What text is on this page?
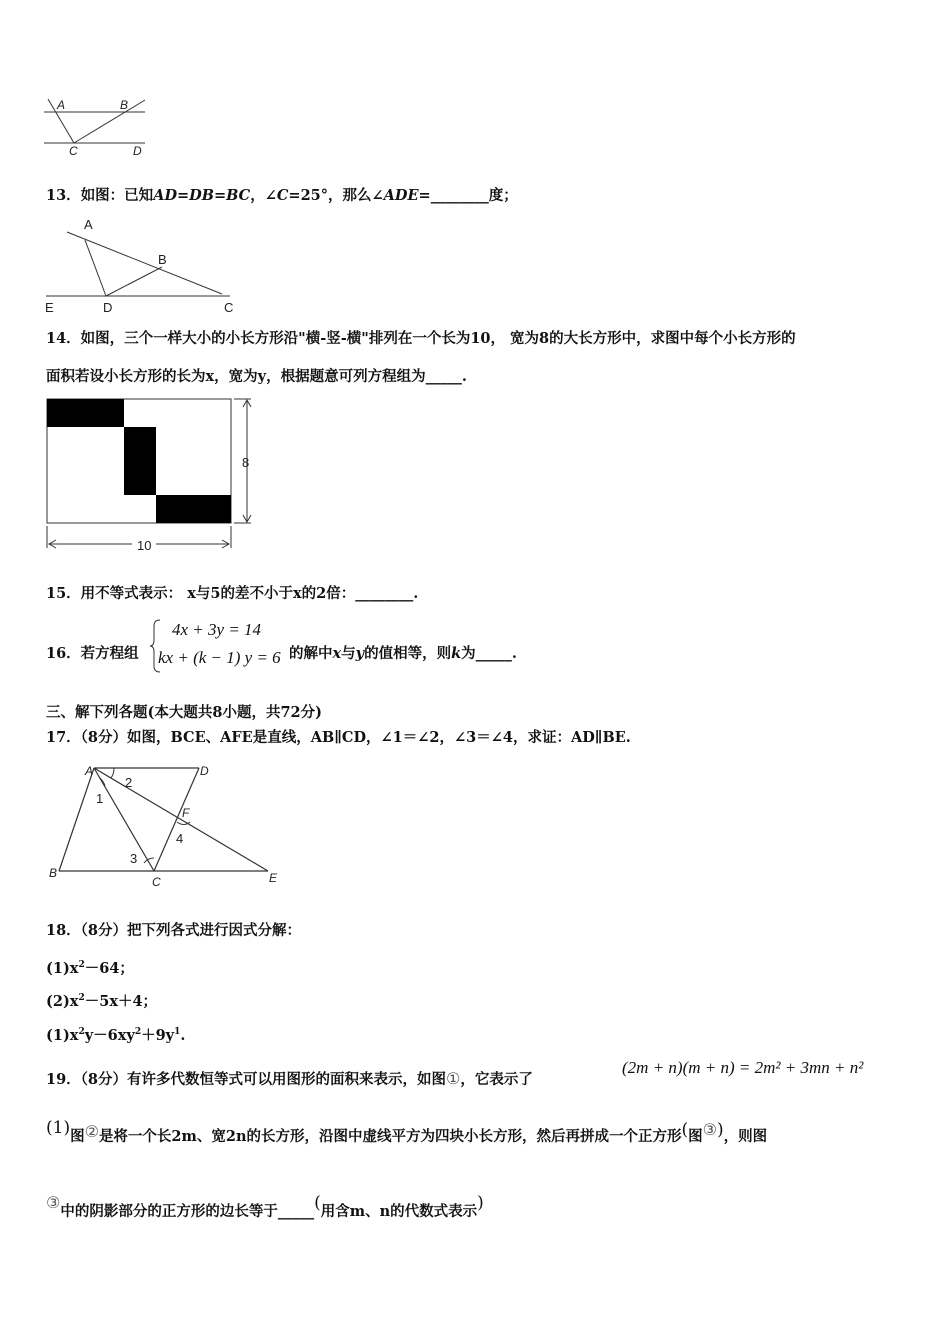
A	B
C	D
13．如图：已知AD=DB=BC，∠C=25°，那么∠ADE=________度；
A
B
E	D	C
14．如图，三个一样大小的小长方形沿"横-竖-横"排列在一个长为10， 宽为8的大长方形中，求图中每个小长方形的
面积若设小长方形的长为x，宽为y，根据题意可列方程组为_____.
8
10
15．用不等式表示： x与5的差不小于x的2倍：________.
16．若方程组
4x + 3y = 14
kx + (k − 1) y = 6 的解中x与y的值相等，则k为_____.
三、解下列各题(本大题共8小题，共72分)
17．（8分）如图，BCE、AFE是直线，AB∥CD，∠1＝∠2，∠3＝∠4，求证：AD∥BE.
A	D
B
C	E
F
1
2
3
4
18．（8分）把下列各式进行因式分解：
$(1)x^2-64$；
$(2)x^2-5x+4$；
$(1)x^2y-6xy^2+9y^1$.
19．（8分）有许多代数恒等式可以用图形的面积来表示，如图①，它表示了
(2m + n)(m + n) = 2m² + 3mn + n²
(1)图②是将一个长2m、宽2n的长方形，沿图中虚线平方为四块小长方形，然后再拼成一个正方形(图③)，则图
③中的阴影部分的正方形的边长等于_____(用含m、n的代数式表示)
